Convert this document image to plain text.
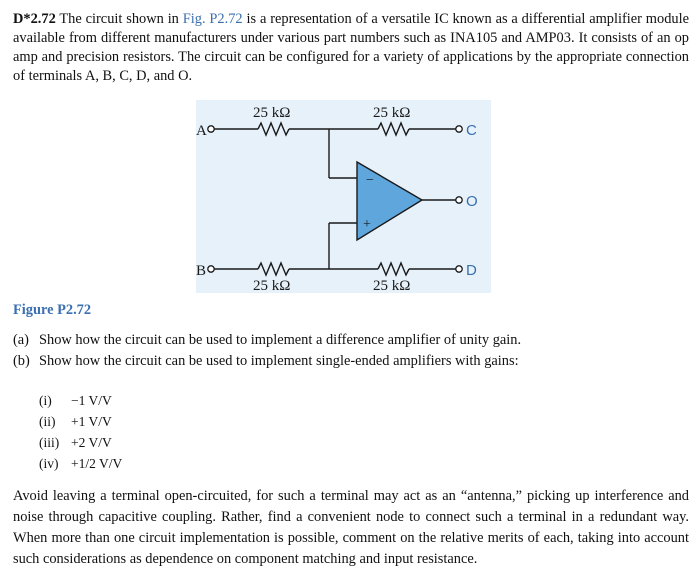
D*2.72 The circuit shown in Fig. P2.72 is a representation of a versatile IC known as a differential amplifier module available from different manufacturers under various part numbers such as INA105 and AMP03. It consists of an op amp and precision resistors. The circuit can be configured for a variety of applications by the appropriate connection of terminals A, B, C, D, and O.

25 kΩ	25 kΩ
25 kΩ	25 kΩ
A
B
−
+
C
O
D

Figure P2.72

(a) Show how the circuit can be used to implement a difference amplifier of unity gain.
(b) Show how the circuit can be used to implement single-ended amplifiers with gains:
(i)	−1 V/V
(ii)	+1 V/V
(iii) +2 V/V
(iv) +1/2 V/V

Avoid leaving a terminal open-circuited, for such a terminal may act as an “antenna,” picking up interference and noise through capacitive coupling. Rather, find a convenient node to connect such a terminal in a redundant way. When more than one circuit implementation is possible, comment on the relative merits of each, taking into account such considerations as dependence on component matching and input resistance.
